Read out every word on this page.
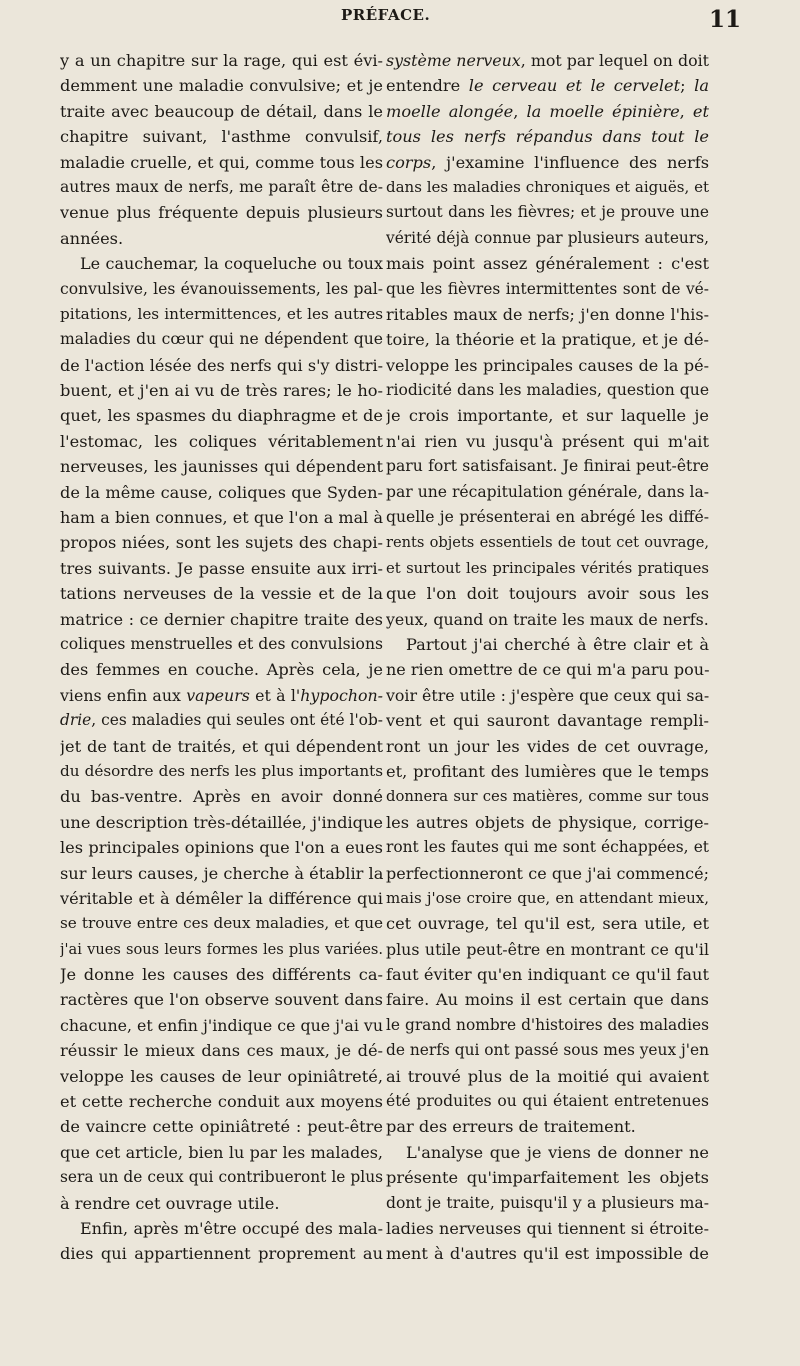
PRÉFACE.	11
y a un chapitre sur la rage, qui est évi-
demment une maladie convulsive; et je
traite avec beaucoup de détail, dans le
chapitre suivant, l'asthme convulsif,
maladie cruelle, et qui, comme tous les
autres maux de nerfs, me paraît être de-
venue plus fréquente depuis plusieurs
années.
Le cauchemar, la coqueluche ou toux
convulsive, les évanouissements, les pal-
pitations, les intermittences, et les autres
maladies du cœur qui ne dépendent que
de l'action lésée des nerfs qui s'y distri-
buent, et j'en ai vu de très rares; le ho-
quet, les spasmes du diaphragme et de
l'estomac, les coliques véritablement
nerveuses, les jaunisses qui dépendent
de la même cause, coliques que Syden-
ham a bien connues, et que l'on a mal à
propos niées, sont les sujets des chapi-
tres suivants. Je passe ensuite aux irri-
tations nerveuses de la vessie et de la
matrice : ce dernier chapitre traite des
coliques menstruelles et des convulsions
des femmes en couche. Après cela, je
viens enfin aux vapeurs et à l'hypochon-
drie, ces maladies qui seules ont été l'ob-
jet de tant de traités, et qui dépendent
du désordre des nerfs les plus importants
du bas-ventre. Après en avoir donné
une description très-détaillée, j'indique
les principales opinions que l'on a eues
sur leurs causes, je cherche à établir la
véritable et à démêler la différence qui
se trouve entre ces deux maladies, et que
j'ai vues sous leurs formes les plus variées.
Je donne les causes des différents ca-
ractères que l'on observe souvent dans
chacune, et enfin j'indique ce que j'ai vu
réussir le mieux dans ces maux, je dé-
veloppe les causes de leur opiniâtreté,
et cette recherche conduit aux moyens
de vaincre cette opiniâtreté : peut-être
que cet article, bien lu par les malades,
sera un de ceux qui contribueront le plus
à rendre cet ouvrage utile.
Enfin, après m'être occupé des mala-
dies qui appartiennent proprement au
système nerveux, mot par lequel on doit
entendre le cerveau et le cervelet; la
moelle alongée, la moelle épinière, et
tous les nerfs répandus dans tout le
corps, j'examine l'influence des nerfs
dans les maladies chroniques et aiguës, et
surtout dans les fièvres; et je prouve une
vérité déjà connue par plusieurs auteurs,
mais point assez généralement : c'est
que les fièvres intermittentes sont de vé-
ritables maux de nerfs; j'en donne l'his-
toire, la théorie et la pratique, et je dé-
veloppe les principales causes de la pé-
riodicité dans les maladies, question que
je crois importante, et sur laquelle je
n'ai rien vu jusqu'à présent qui m'ait
paru fort satisfaisant. Je finirai peut-être
par une récapitulation générale, dans la-
quelle je présenterai en abrégé les diffé-
rents objets essentiels de tout cet ouvrage,
et surtout les principales vérités pratiques
que l'on doit toujours avoir sous les
yeux, quand on traite les maux de nerfs.
Partout j'ai cherché à être clair et à
ne rien omettre de ce qui m'a paru pou-
voir être utile : j'espère que ceux qui sa-
vent et qui sauront davantage rempli-
ront un jour les vides de cet ouvrage,
et, profitant des lumières que le temps
donnera sur ces matières, comme sur tous
les autres objets de physique, corrige-
ront les fautes qui me sont échappées, et
perfectionneront ce que j'ai commencé;
mais j'ose croire que, en attendant mieux,
cet ouvrage, tel qu'il est, sera utile, et
plus utile peut-être en montrant ce qu'il
faut éviter qu'en indiquant ce qu'il faut
faire. Au moins il est certain que dans
le grand nombre d'histoires des maladies
de nerfs qui ont passé sous mes yeux j'en
ai trouvé plus de la moitié qui avaient
été produites ou qui étaient entretenues
par des erreurs de traitement.
L'analyse que je viens de donner ne
présente qu'imparfaitement les objets
dont je traite, puisqu'il y a plusieurs ma-
ladies nerveuses qui tiennent si étroite-
ment à d'autres qu'il est impossible de
